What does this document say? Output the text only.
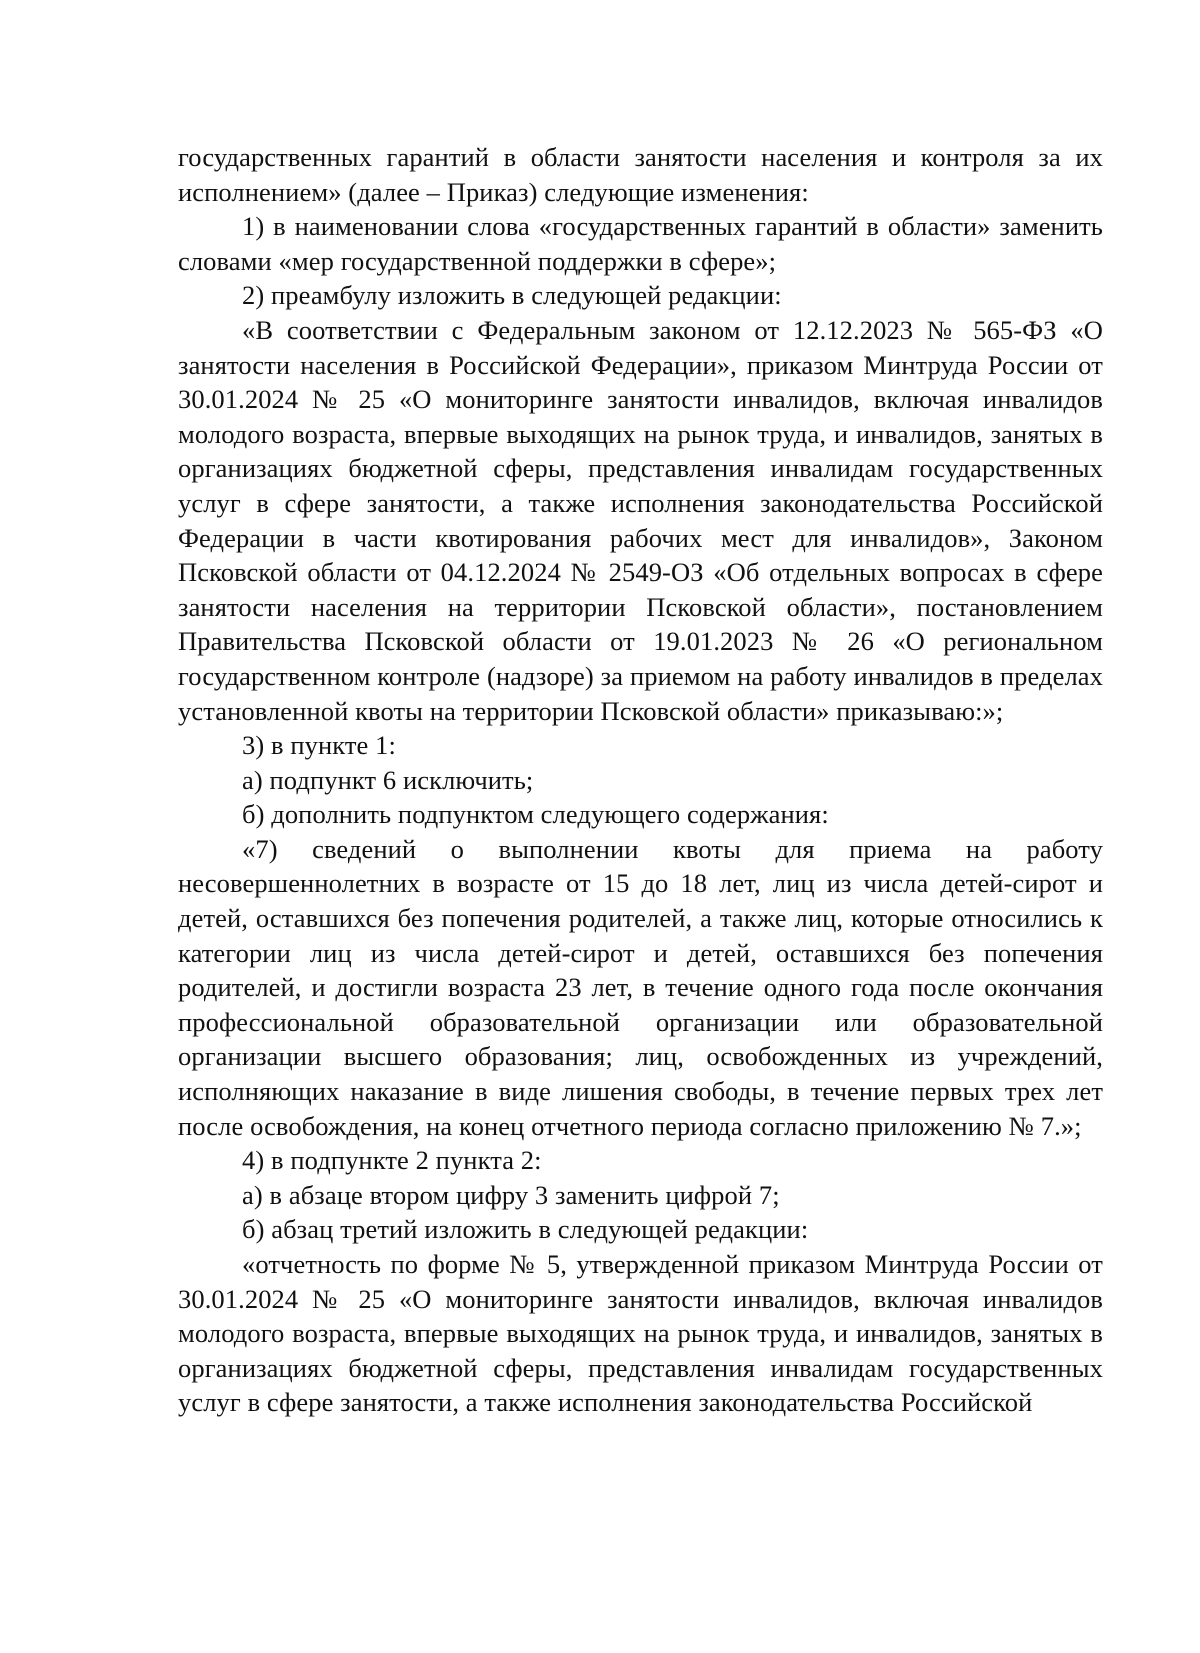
государственных гарантий в области занятости населения и контроля за их исполнением» (далее – Приказ) следующие изменения:

1) в наименовании слова «государственных гарантий в области» заменить словами «мер государственной поддержки в сфере»;

2) преамбулу изложить в следующей редакции:

«В соответствии с Федеральным законом от 12.12.2023 № 565-ФЗ «О занятости населения в Российской Федерации», приказом Минтруда России от 30.01.2024 № 25 «О мониторинге занятости инвалидов, включая инвалидов молодого возраста, впервые выходящих на рынок труда, и инвалидов, занятых в организациях бюджетной сферы, представления инвалидам государственных услуг в сфере занятости, а также исполнения законодательства Российской Федерации в части квотирования рабочих мест для инвалидов», Законом Псковской области от 04.12.2024 № 2549-ОЗ «Об отдельных вопросах в сфере занятости населения на территории Псковской области», постановлением Правительства Псковской области от 19.01.2023 № 26 «О региональном государственном контроле (надзоре) за приемом на работу инвалидов в пределах установленной квоты на территории Псковской области» приказываю:»;

3) в пункте 1:

а) подпункт 6 исключить;

б) дополнить подпунктом следующего содержания:

«7) сведений о выполнении квоты для приема на работу несовершеннолетних в возрасте от 15 до 18 лет, лиц из числа детей-сирот и детей, оставшихся без попечения родителей, а также лиц, которые относились к категории лиц из числа детей-сирот и детей, оставшихся без попечения родителей, и достигли возраста 23 лет, в течение одного года после окончания профессиональной образовательной организации или образовательной организации высшего образования; лиц, освобожденных из учреждений, исполняющих наказание в виде лишения свободы, в течение первых трех лет после освобождения, на конец отчетного периода согласно приложению № 7.»;

4) в подпункте 2 пункта 2:

а) в абзаце втором цифру 3 заменить цифрой 7;

б) абзац третий изложить в следующей редакции:

«отчетность по форме № 5, утвержденной приказом Минтруда России от 30.01.2024 № 25 «О мониторинге занятости инвалидов, включая инвалидов молодого возраста, впервые выходящих на рынок труда, и инвалидов, занятых в организациях бюджетной сферы, представления инвалидам государственных услуг в сфере занятости, а также исполнения законодательства Российской
